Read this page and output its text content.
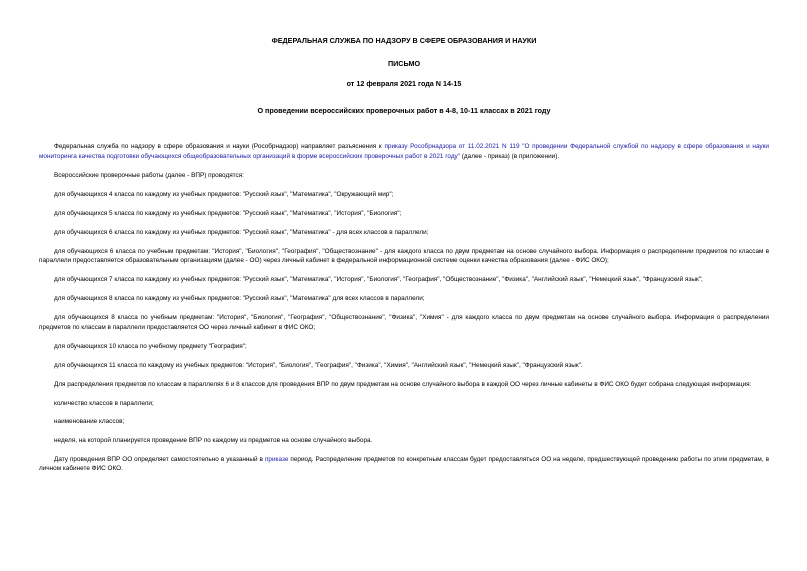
ФЕДЕРАЛЬНАЯ СЛУЖБА ПО НАДЗОРУ В СФЕРЕ ОБРАЗОВАНИЯ И НАУКИ

ПИСЬМО

от 12 февраля 2021 года N 14-15

О проведении всероссийских проверочных работ в 4-8, 10-11 классах в 2021 году

Федеральная служба по надзору в сфере образования и науки (Рособрнадзор) направляет разъяснения к приказу Рособрнадзора от 11.02.2021 N 119 "О проведении Федеральной службой по надзору в сфере образования и науки мониторинга качества подготовки обучающихся общеобразовательных организаций в форме всероссийских проверочных работ в 2021 году" (далее - приказ) (в приложении).

Всероссийские проверочные работы (далее - ВПР) проводятся:

для обучающихся 4 класса по каждому из учебных предметов: "Русский язык", "Математика", "Окружающий мир";

для обучающихся 5 класса по каждому из учебных предметов: "Русский язык", "Математика", "История", "Биология";

для обучающихся 6 класса по каждому из учебных предметов: "Русский язык", "Математика" - для всех классов в параллели;

для обучающихся 6 класса по учебным предметам: "История", "Биология", "География", "Обществознание" - для каждого класса по двум предметам на основе случайного выбора. Информация о распределении предметов по классам в параллели предоставляется образовательным организациям (далее - ОО) через личный кабинет в федеральной информационной системе оценки качества образования (далее - ФИС ОКО);

для обучающихся 7 класса по каждому из учебных предметов: "Русский язык", "Математика", "История", "Биология", "География", "Обществознание", "Физика", "Английский язык", "Немецкий язык", "Французский язык";

для обучающихся 8 класса по каждому из учебных предметов: "Русский язык", "Математика" для всех классов в параллели;

для обучающихся 8 класса по учебным предметам: "История", "Биология", "География", "Обществознание", "Физика", "Химия" - для каждого класса по двум предметам на основе случайного выбора. Информация о распределении предметов по классам в параллели предоставляется ОО через личный кабинет в ФИС ОКО;

для обучающихся 10 класса по учебному предмету "География";

для обучающихся 11 класса по каждому из учебных предметов: "История", "Биология", "География", "Физика", "Химия", "Английский язык", "Немецкий язык", "Французский язык".

Для распределения предметов по классам в параллелях 6 и 8 классов для проведения ВПР по двум предметам на основе случайного выбора в каждой ОО через личные кабинеты в ФИС ОКО будет собрана следующая информация:

количество классов в параллели;

наименование классов;

неделя, на которой планируется проведение ВПР по каждому из предметов на основе случайного выбора.

Дату проведения ВПР ОО определяет самостоятельно в указанный в приказе период. Распределение предметов по конкретным классам будет предоставляться ОО на неделе, предшествующей проведению работы по этим предметам, в личном кабинете ФИС ОКО.
